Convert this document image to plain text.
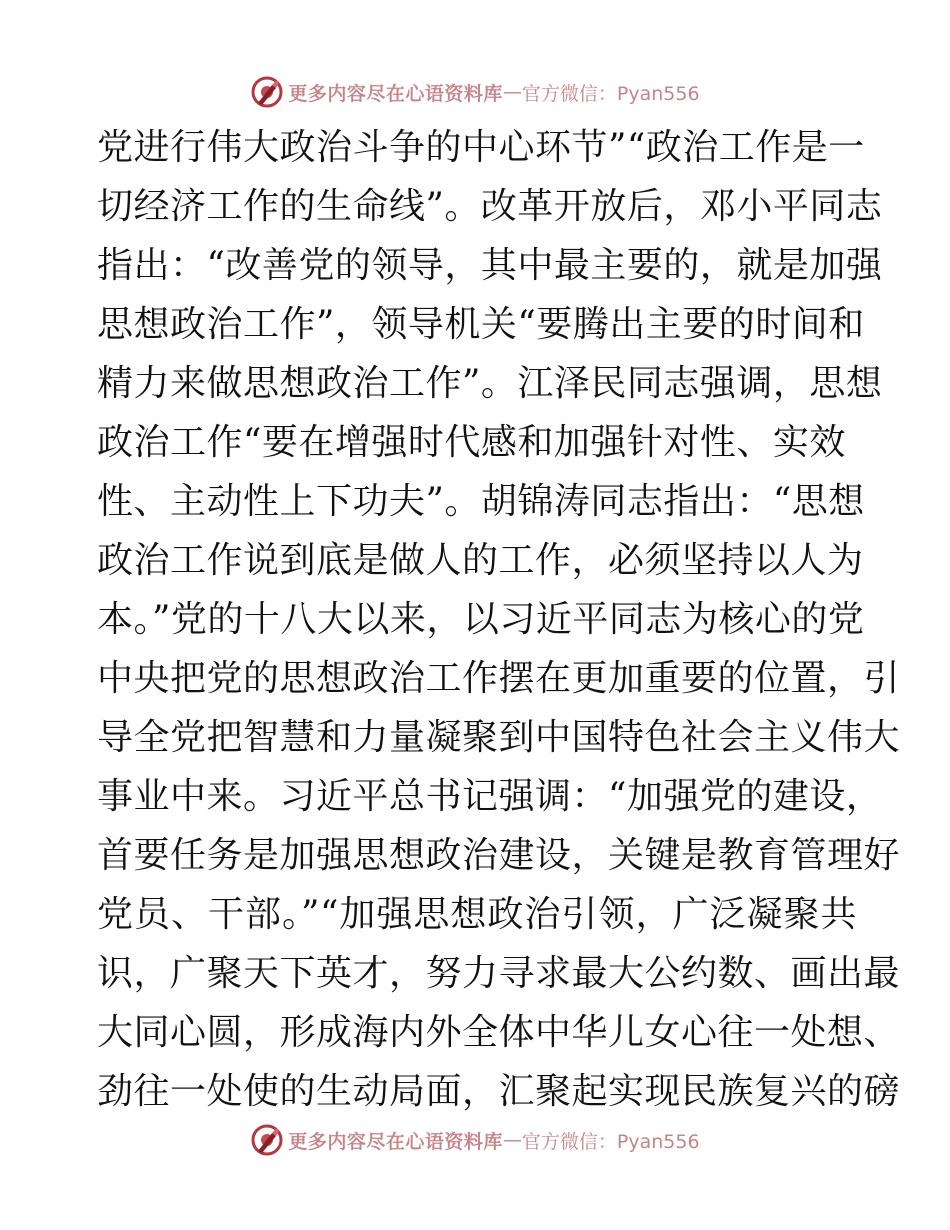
更多内容尽在心语资料库 — 官方微信：Pyan556
党进行伟大政治斗争的中心环节”“政治工作是一
切经济工作的生命线”。改革开放后，邓小平同志
指出：“改善党的领导，其中最主要的，就是加强
思想政治工作”，领导机关“要腾出主要的时间和
精力来做思想政治工作”。江泽民同志强调，思想
政治工作“要在增强时代感和加强针对性、实效
性、主动性上下功夫”。胡锦涛同志指出：“思想
政治工作说到底是做人的工作，必须坚持以人为
本。”党的十八大以来，以习近平同志为核心的党
中央把党的思想政治工作摆在更加重要的位置，引
导全党把智慧和力量凝聚到中国特色社会主义伟大
事业中来。习近平总书记强调：“加强党的建设，
首要任务是加强思想政治建设，关键是教育管理好
党员、干部。”“加强思想政治引领，广泛凝聚共
识，广聚天下英才，努力寻求最大公约数、画出最
大同心圆，形成海内外全体中华儿女心往一处想、
劲往一处使的生动局面，汇聚起实现民族复兴的磅
更多内容尽在心语资料库 — 官方微信：Pyan556
